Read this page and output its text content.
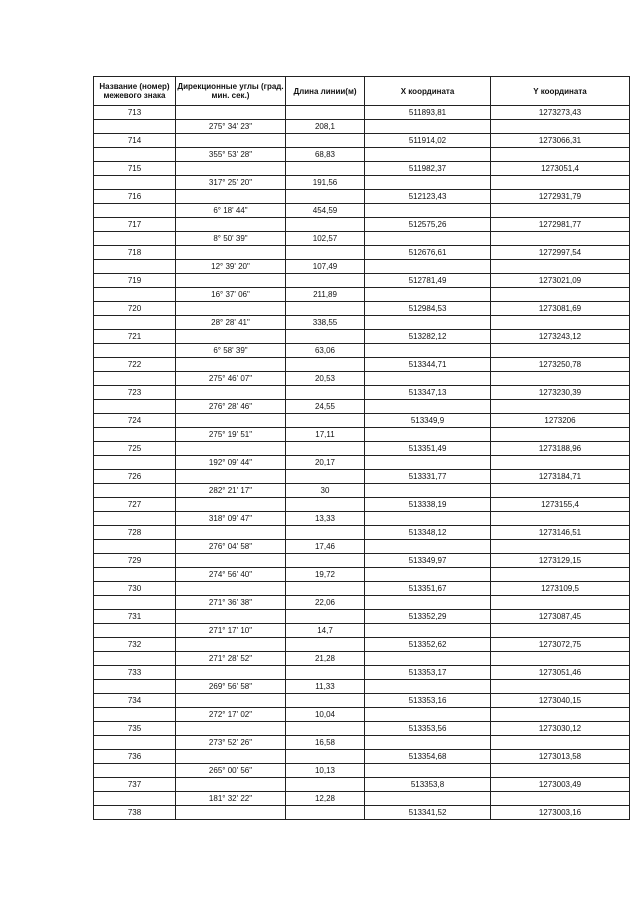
Название (номер) межевого знака	Дирекционные углы (град. мин. сек.)	Длина линии(м)	X координата	Y координата
713			511893,81	1273273,43
	275° 34' 23"	208,1		
714			511914,02	1273066,31
	355° 53' 28"	68,83		
715			511982,37	1273051,4
	317° 25' 20"	191,56		
716			512123,43	1272931,79
	6° 18' 44"	454,59		
717			512575,26	1272981,77
	8° 50' 39"	102,57		
718			512676,61	1272997,54
	12° 39' 20"	107,49		
719			512781,49	1273021,09
	16° 37' 06"	211,89		
720			512984,53	1273081,69
	28° 28' 41"	338,55		
721			513282,12	1273243,12
	6° 58' 39"	63,06		
722			513344,71	1273250,78
	275° 46' 07"	20,53		
723			513347,13	1273230,39
	276° 28' 46"	24,55		
724			513349,9	1273206
	275° 19' 51"	17,11		
725			513351,49	1273188,96
	192° 09' 44"	20,17		
726			513331,77	1273184,71
	282° 21' 17"	30		
727			513338,19	1273155,4
	318° 09' 47"	13,33		
728			513348,12	1273146,51
	276° 04' 58"	17,46		
729			513349,97	1273129,15
	274° 56' 40"	19,72		
730			513351,67	1273109,5
	271° 36' 38"	22,06		
731			513352,29	1273087,45
	271° 17' 10"	14,7		
732			513352,62	1273072,75
	271° 28' 52"	21,28		
733			513353,17	1273051,46
	269° 56' 58"	11,33		
734			513353,16	1273040,15
	272° 17' 02"	10,04		
735			513353,56	1273030,12
	273° 52' 26"	16,58		
736			513354,68	1273013,58
	265° 00' 56"	10,13		
737			513353,8	1273003,49
	181° 32' 22"	12,28		
738			513341,52	1273003,16
